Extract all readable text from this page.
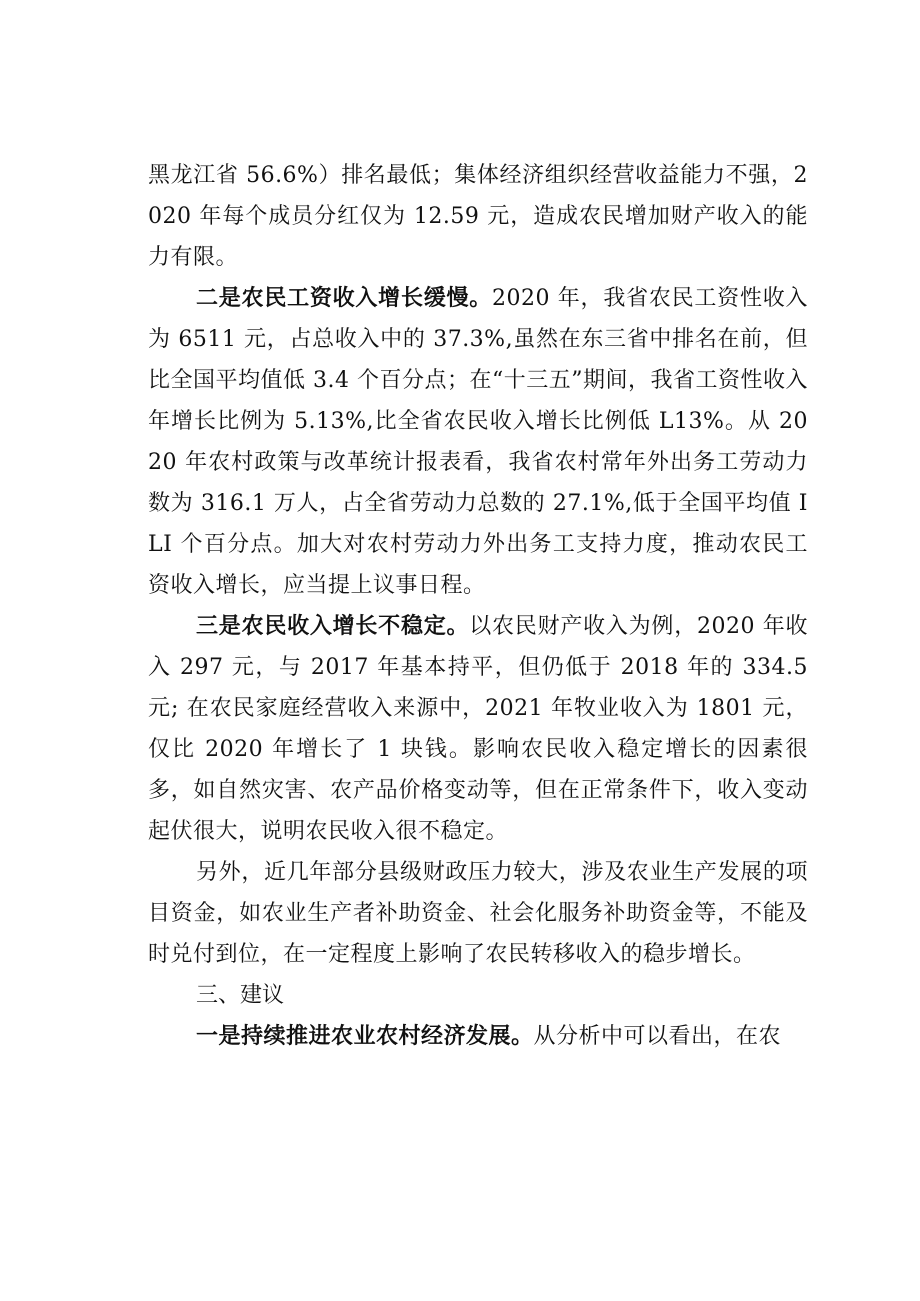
黑龙江省 56.6%）排名最低；集体经济组织经营收益能力不强，2020 年每个成员分红仅为 12.59 元，造成农民增加财产收入的能力有限。

二是农民工资收入增长缓慢。2020 年，我省农民工资性收入为 6511 元，占总收入中的 37.3%,虽然在东三省中排名在前，但比全国平均值低 3.4 个百分点；在“十三五”期间，我省工资性收入年增长比例为 5.13%,比全省农民收入增长比例低 L13%。从 2020 年农村政策与改革统计报表看，我省农村常年外出务工劳动力数为 316.1 万人，占全省劳动力总数的 27.1%,低于全国平均值 ILI 个百分点。加大对农村劳动力外出务工支持力度，推动农民工资收入增长，应当提上议事日程。

三是农民收入增长不稳定。以农民财产收入为例，2020 年收入 297 元，与 2017 年基本持平，但仍低于 2018 年的 334.5 元; 在农民家庭经营收入来源中，2021 年牧业收入为 1801 元，仅比 2020 年增长了 1 块钱。影响农民收入稳定增长的因素很多，如自然灾害、农产品价格变动等，但在正常条件下，收入变动起伏很大，说明农民收入很不稳定。

另外，近几年部分县级财政压力较大，涉及农业生产发展的项目资金，如农业生产者补助资金、社会化服务补助资金等，不能及时兑付到位，在一定程度上影响了农民转移收入的稳步增长。

三、建议

一是持续推进农业农村经济发展。从分析中可以看出，在农
